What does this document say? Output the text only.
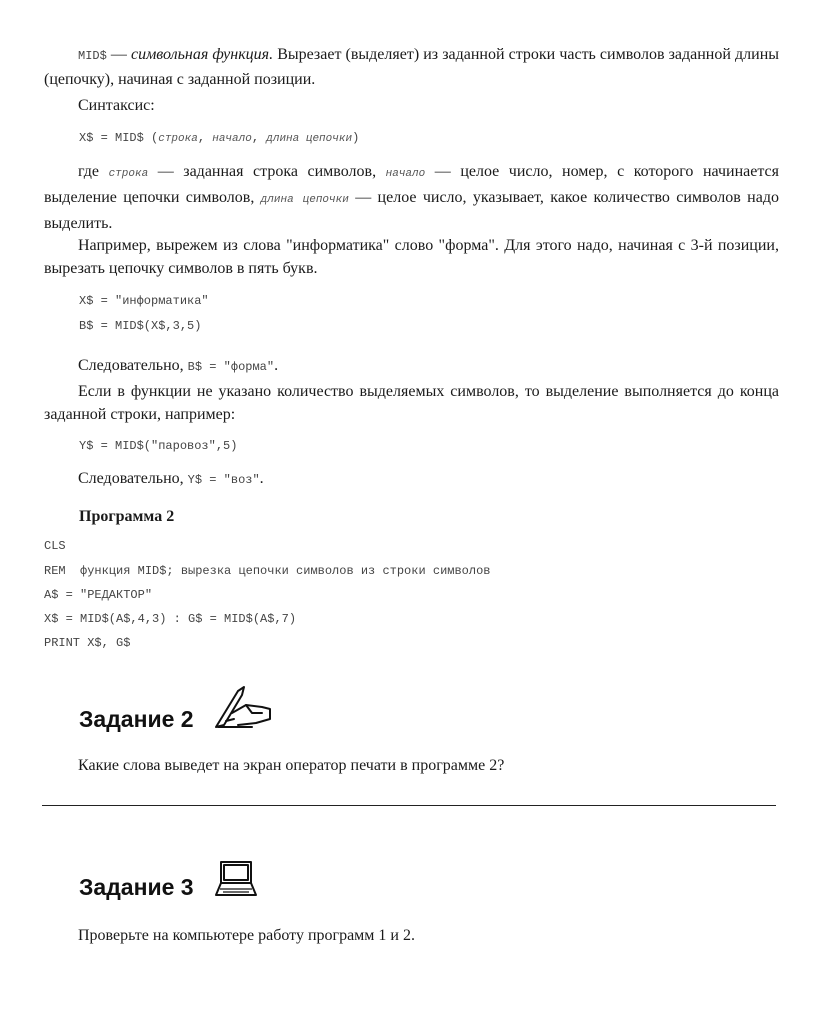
MID$ — символьная функция. Вырезает (выделяет) из заданной строки часть символов заданной длины (цепочку), начиная с заданной позиции.
Синтаксис:
X$ = MID$ (строка, начало, длина цепочки)
где строка — заданная строка символов, начало — целое число, номер, с которого начинается выделение цепочки символов, длина цепочки — целое число, указывает, какое количество символов надо выделить.
Например, вырежем из слова "информатика" слово "форма". Для этого надо, начиная с 3-й позиции, вырезать цепочку символов в пять букв.
X$ = "информатика"
B$ = MID$(X$,3,5)
Следовательно, B$ = "форма".
Если в функции не указано количество выделяемых символов, то выделение выполняется до конца заданной строки, например:
Y$ = MID$("паровоз",5)
Следовательно, Y$ = "воз".
Программа 2
CLS
REM  функция MID$; вырезка цепочки символов из строки символов
A$ = "РЕДАКТОР"
X$ = MID$(A$,4,3) : G$ = MID$(A$,7)
PRINT X$, G$
Задание 2
Какие слова выведет на экран оператор печати в программе 2?
Задание 3
Проверьте на компьютере работу программ 1 и 2.
